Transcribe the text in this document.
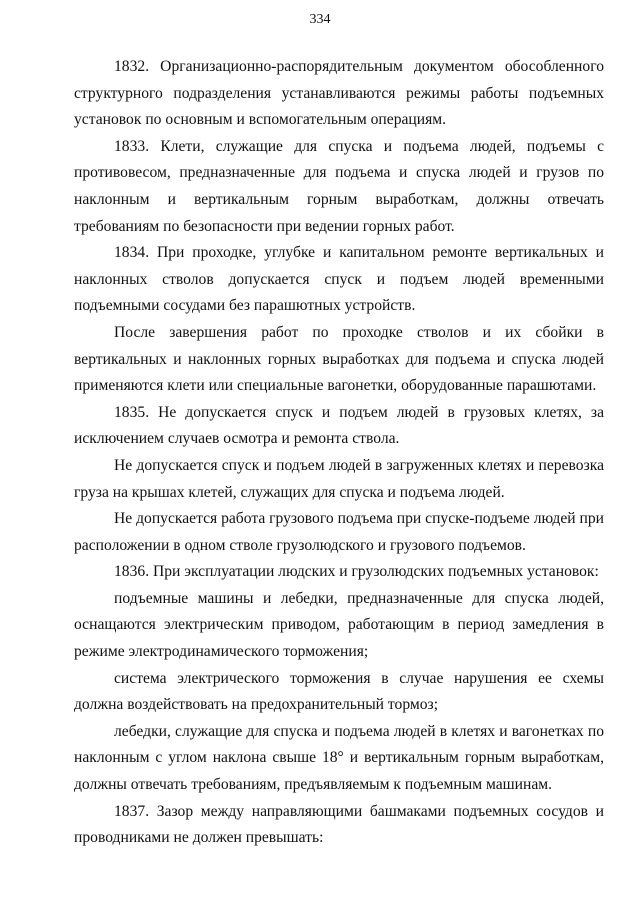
334

1832. Организационно-распорядительным документом обособленного структурного подразделения устанавливаются режимы работы подъемных установок по основным и вспомогательным операциям.

1833. Клети, служащие для спуска и подъема людей, подъемы с противовесом, предназначенные для подъема и спуска людей и грузов по наклонным и вертикальным горным выработкам, должны отвечать требованиям по безопасности при ведении горных работ.

1834. При проходке, углубке и капитальном ремонте вертикальных и наклонных стволов допускается спуск и подъем людей временными подъемными сосудами без парашютных устройств.

После завершения работ по проходке стволов и их сбойки в вертикальных и наклонных горных выработках для подъема и спуска людей применяются клети или специальные вагонетки, оборудованные парашютами.

1835. Не допускается спуск и подъем людей в грузовых клетях, за исключением случаев осмотра и ремонта ствола.

Не допускается спуск и подъем людей в загруженных клетях и перевозка груза на крышах клетей, служащих для спуска и подъема людей.

Не допускается работа грузового подъема при спуске-подъеме людей при расположении в одном стволе грузолюдского и грузового подъемов.

1836. При эксплуатации людских и грузолюдских подъемных установок:

подъемные машины и лебедки, предназначенные для спуска людей, оснащаются электрическим приводом, работающим в период замедления в режиме электродинамического торможения;

система электрического торможения в случае нарушения ее схемы должна воздействовать на предохранительный тормоз;

лебедки, служащие для спуска и подъема людей в клетях и вагонетках по наклонным с углом наклона свыше 18° и вертикальным горным выработкам, должны отвечать требованиям, предъявляемым к подъемным машинам.

1837. Зазор между направляющими башмаками подъемных сосудов и проводниками не должен превышать:
